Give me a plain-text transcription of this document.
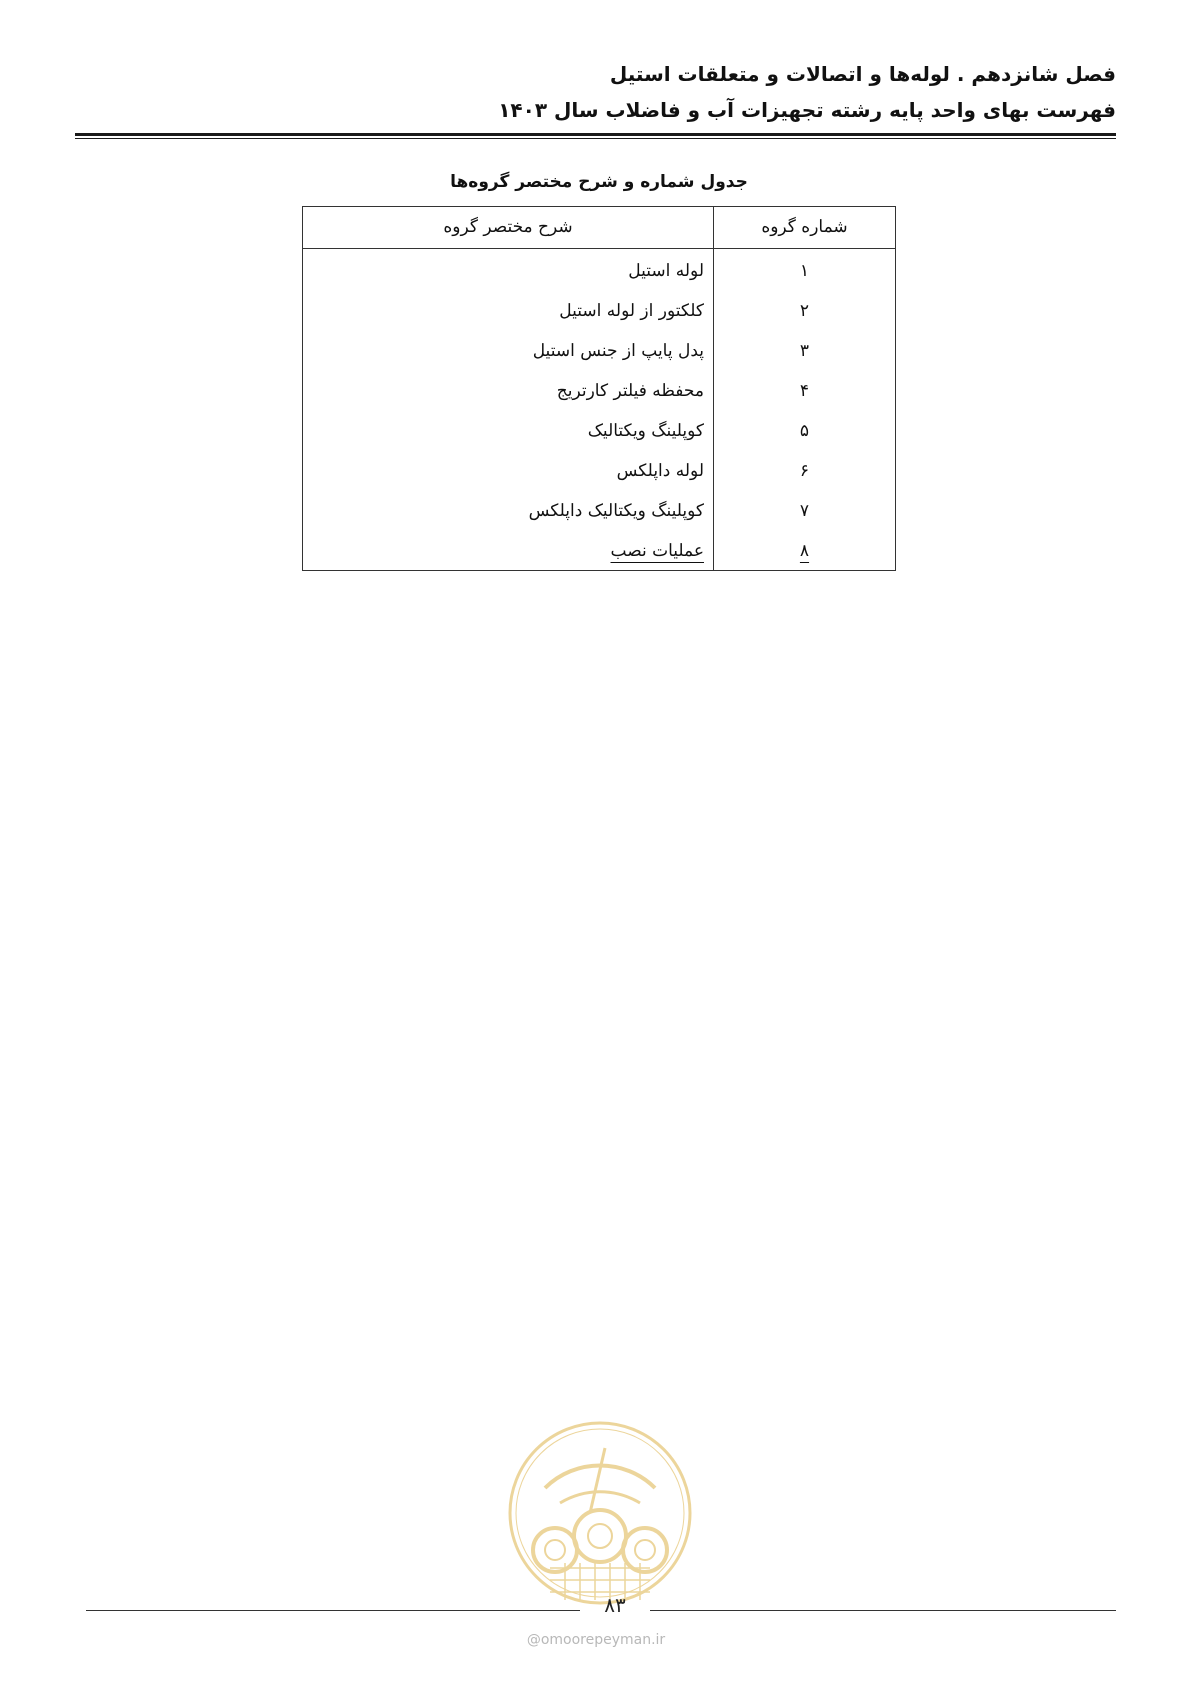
فصل شانزدهم . لوله‌ها و اتصالات و متعلقات استیل
فهرست بهای واحد پایه رشته تجهیزات آب و فاضلاب سال ۱۴۰۳
جدول شماره و شرح مختصر گروه‌ها
شماره گروه
شرح مختصر گروه
۱
لوله استیل
۲
کلکتور از لوله استیل
۳
پدل پایپ از جنس استیل
۴
محفظه فیلتر کارتریج
۵
کوپلینگ ویکتالیک
۶
لوله داپلکس
۷
کوپلینگ ویکتالیک داپلکس
۸
عملیات نصب
۸۳
@omoorepeyman.ir
